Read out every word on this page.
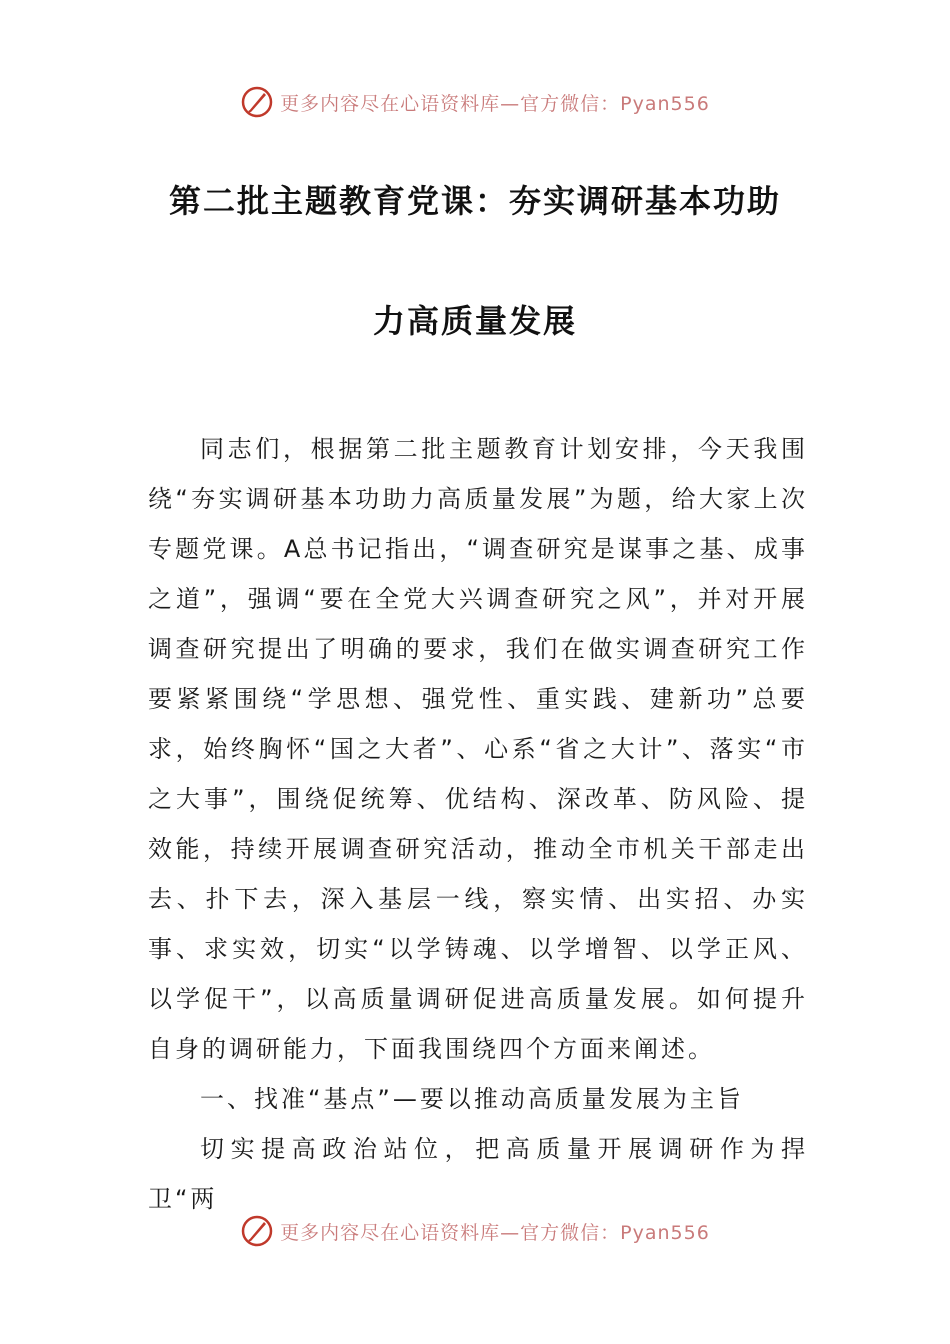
更多内容尽在心语资料库—官方微信：Pyan556
第二批主题教育党课：夯实调研基本功助
力高质量发展

同志们，根据第二批主题教育计划安排，今天我围绕“夯实调研基本功助力高质量发展”为题，给大家上次专题党课。A总书记指出，“调查研究是谋事之基、成事之道”，强调“要在全党大兴调查研究之风”，并对开展调查研究提出了明确的要求，我们在做实调查研究工作要紧紧围绕“学思想、强党性、重实践、建新功”总要求，始终胸怀“国之大者”、心系“省之大计”、落实“市之大事”，围绕促统筹、优结构、深改革、防风险、提效能，持续开展调查研究活动，推动全市机关干部走出去、扑下去，深入基层一线，察实情、出实招、办实事、求实效，切实“以学铸魂、以学增智、以学正风、以学促干”，以高质量调研促进高质量发展。如何提升自身的调研能力，下面我围绕四个方面来阐述。

一、找准“基点”—要以推动高质量发展为主旨

切实提高政治站位，把高质量开展调研作为捍卫“两

更多内容尽在心语资料库—官方微信：Pyan556
